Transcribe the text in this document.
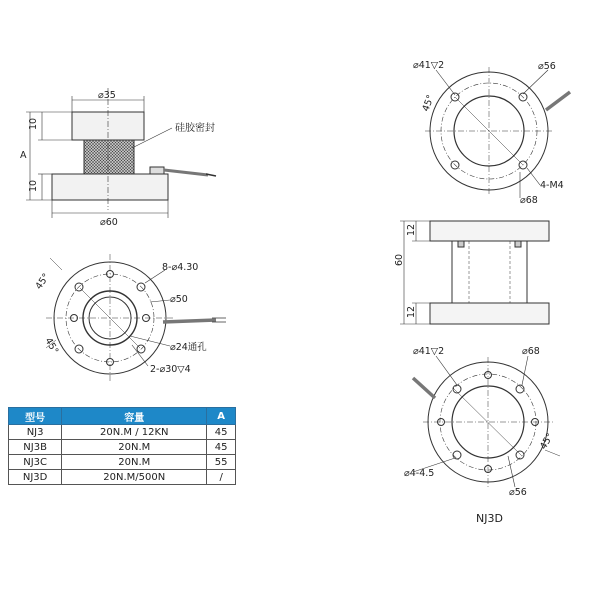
⌀35
硅胶密封
A
10
10
⌀60
8-⌀4.30
45°
45°
⌀50
⌀24通孔
2-⌀30▽4
⌀41▽2	⌀56
45°
4-M4
⌀68
60
12
12
⌀41▽2	⌀68
45°
⌀4-4.5
⌀56
NJ3D
型号	容量	A
NJ3	20N.M / 12KN	45
NJ3B	20N.M	45
NJ3C	20N.M	55
NJ3D	20N.M/500N	/
